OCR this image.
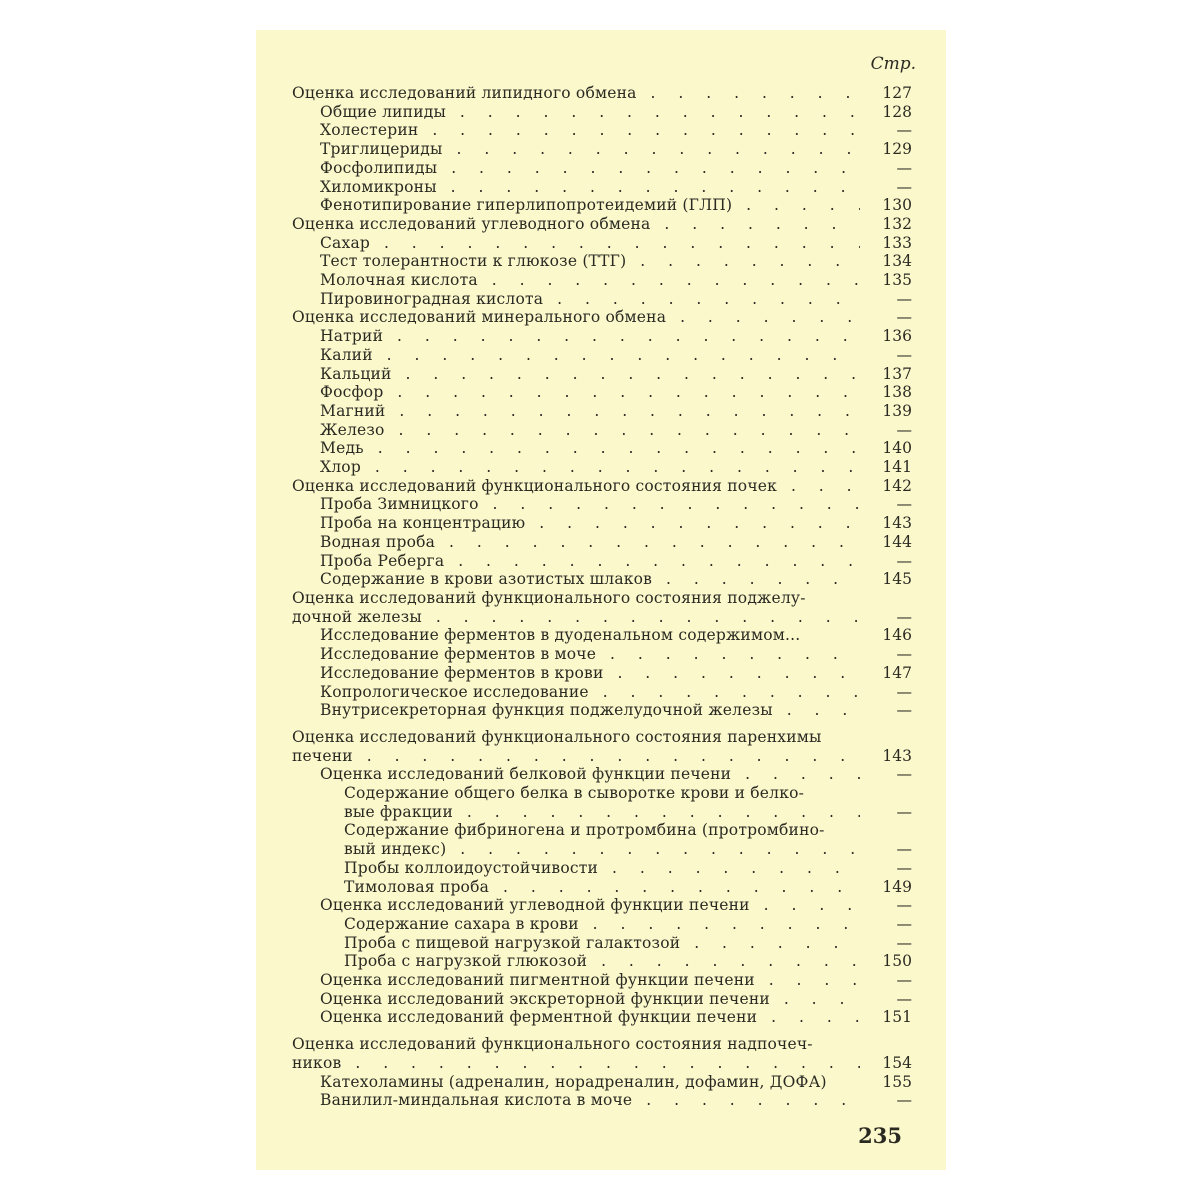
Стр.
Оценка исследований липидного обмена . . .	127
Общие липиды . . .	128
Холестерин . . .	—
Триглицериды . . .	129
Фосфолипиды . . .	—
Хиломикроны . . .	—
Фенотипирование гиперлипопротеидемий (ГЛП) . . .	130
Оценка исследований углеводного обмена . . .	132
Сахар . . .	133
Тест толерантности к глюкозе (ТТГ) . . .	134
Молочная кислота . . .	135
Пировиноградная кислота . . .	—
Оценка исследований минерального обмена . . .	—
Натрий . . .	136
Калий . . .	—
Кальций . . .	137
Фосфор . . .	138
Магний . . .	139
Железо . . .	—
Медь . . .	140
Хлор . . .	141
Оценка исследований функционального состояния почек . . .	142
Проба Зимницкого . . .	—
Проба на концентрацию . . .	143
Водная проба . . .	144
Проба Реберга . . .	—
Содержание в крови азотистых шлаков . . .	145
Оценка исследований функционального состояния поджелу-
дочной железы . . .	—
Исследование ферментов в дуоденальном содержимом...	146
Исследование ферментов в моче . . .	—
Исследование ферментов в крови . . .	147
Копрологическое исследование . . .	—
Внутрисекреторная функция поджелудочной железы . . .	—
Оценка исследований функционального состояния паренхимы
печени . . .	143
Оценка исследований белковой функции печени . . .	—
Содержание общего белка в сыворотке крови и белко-
вые фракции . . .	—
Содержание фибриногена и протромбина (протромбино-
вый индекс) . . .	—
Пробы коллоидоустойчивости . . .	—
Тимоловая проба . . .	149
Оценка исследований углеводной функции печени . . .	—
Содержание сахара в крови . . .	—
Проба с пищевой нагрузкой галактозой . . .	—
Проба с нагрузкой глюкозой . . .	150
Оценка исследований пигментной функции печени . . .	—
Оценка исследований экскреторной функции печени . . .	—
Оценка исследований ферментной функции печени . . .	151
Оценка исследований функционального состояния надпочеч-
ников . . .	154
Катехоламины (адреналин, норадреналин, дофамин, ДОФА)	155
Ванилил-миндальная кислота в моче . . .	—
235
